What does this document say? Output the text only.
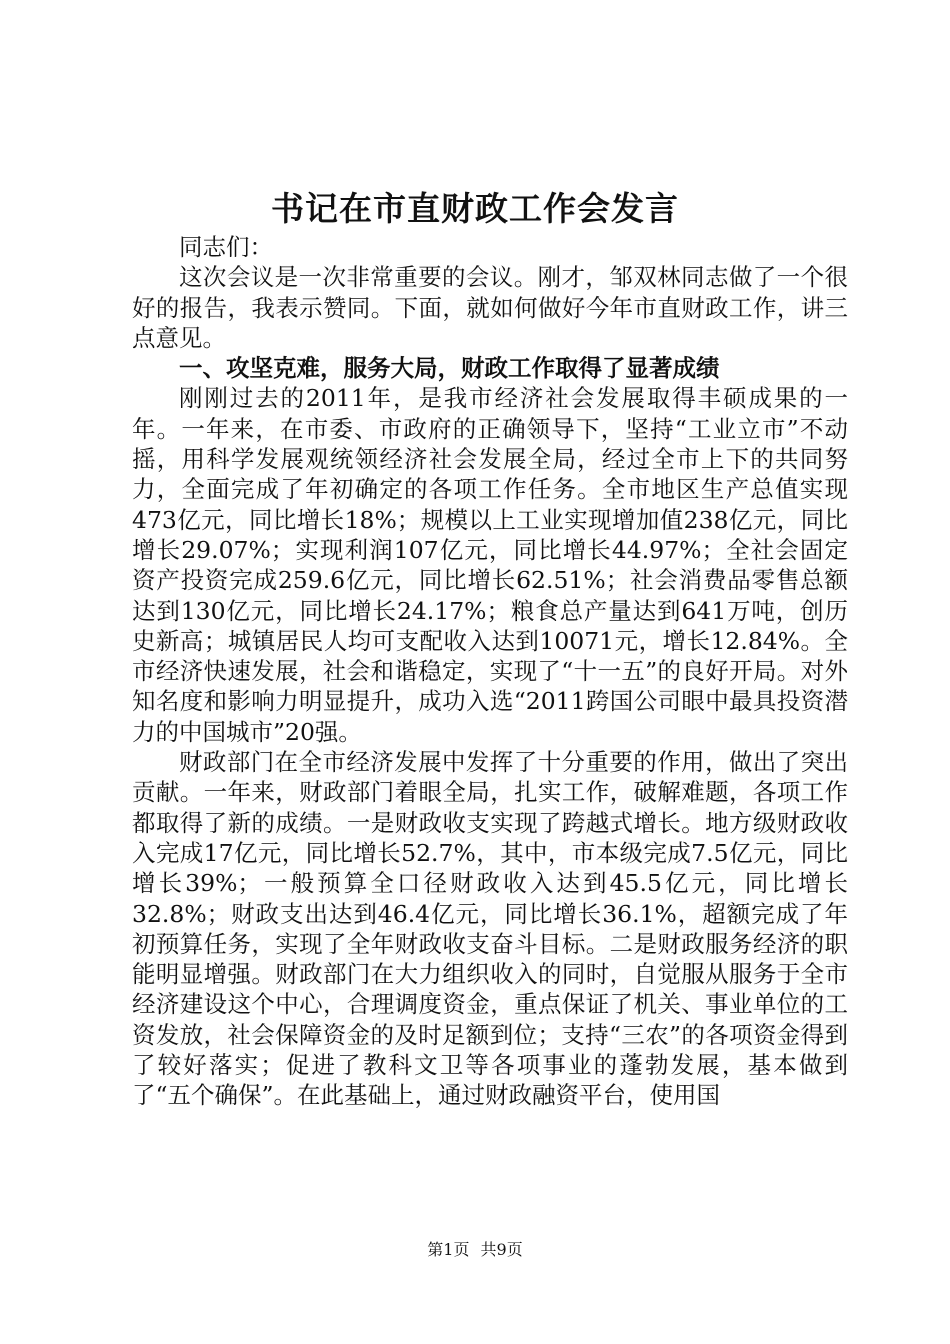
书记在市直财政工作会发言

同志们：

这次会议是一次非常重要的会议。刚才，邹双林同志做了一个很好的报告，我表示赞同。下面，就如何做好今年市直财政工作，讲三点意见。

一、攻坚克难，服务大局，财政工作取得了显著成绩

刚刚过去的2011年，是我市经济社会发展取得丰硕成果的一年。一年来，在市委、市政府的正确领导下，坚持“工业立市”不动摇，用科学发展观统领经济社会发展全局，经过全市上下的共同努力，全面完成了年初确定的各项工作任务。全市地区生产总值实现473亿元，同比增长18%；规模以上工业实现增加值238亿元，同比增长29.07%；实现利润107亿元，同比增长44.97%；全社会固定资产投资完成259.6亿元，同比增长62.51%；社会消费品零售总额达到130亿元，同比增长24.17%；粮食总产量达到641万吨，创历史新高；城镇居民人均可支配收入达到10071元，增长12.84%。全市经济快速发展，社会和谐稳定，实现了“十一五”的良好开局。对外知名度和影响力明显提升，成功入选“2011跨国公司眼中最具投资潜力的中国城市”20强。

财政部门在全市经济发展中发挥了十分重要的作用，做出了突出贡献。一年来，财政部门着眼全局，扎实工作，破解难题，各项工作都取得了新的成绩。一是财政收支实现了跨越式增长。地方级财政收入完成17亿元，同比增长52.7%，其中，市本级完成7.5亿元，同比增长39%；一般预算全口径财政收入达到45.5亿元，同比增长32.8%；财政支出达到46.4亿元，同比增长36.1%，超额完成了年初预算任务，实现了全年财政收支奋斗目标。二是财政服务经济的职能明显增强。财政部门在大力组织收入的同时，自觉服从服务于全市经济建设这个中心，合理调度资金，重点保证了机关、事业单位的工资发放，社会保障资金的及时足额到位；支持“三农”的各项资金得到了较好落实；促进了教科文卫等各项事业的蓬勃发展，基本做到了“五个确保”。在此基础上，通过财政融资平台，使用国

第1页 共9页
